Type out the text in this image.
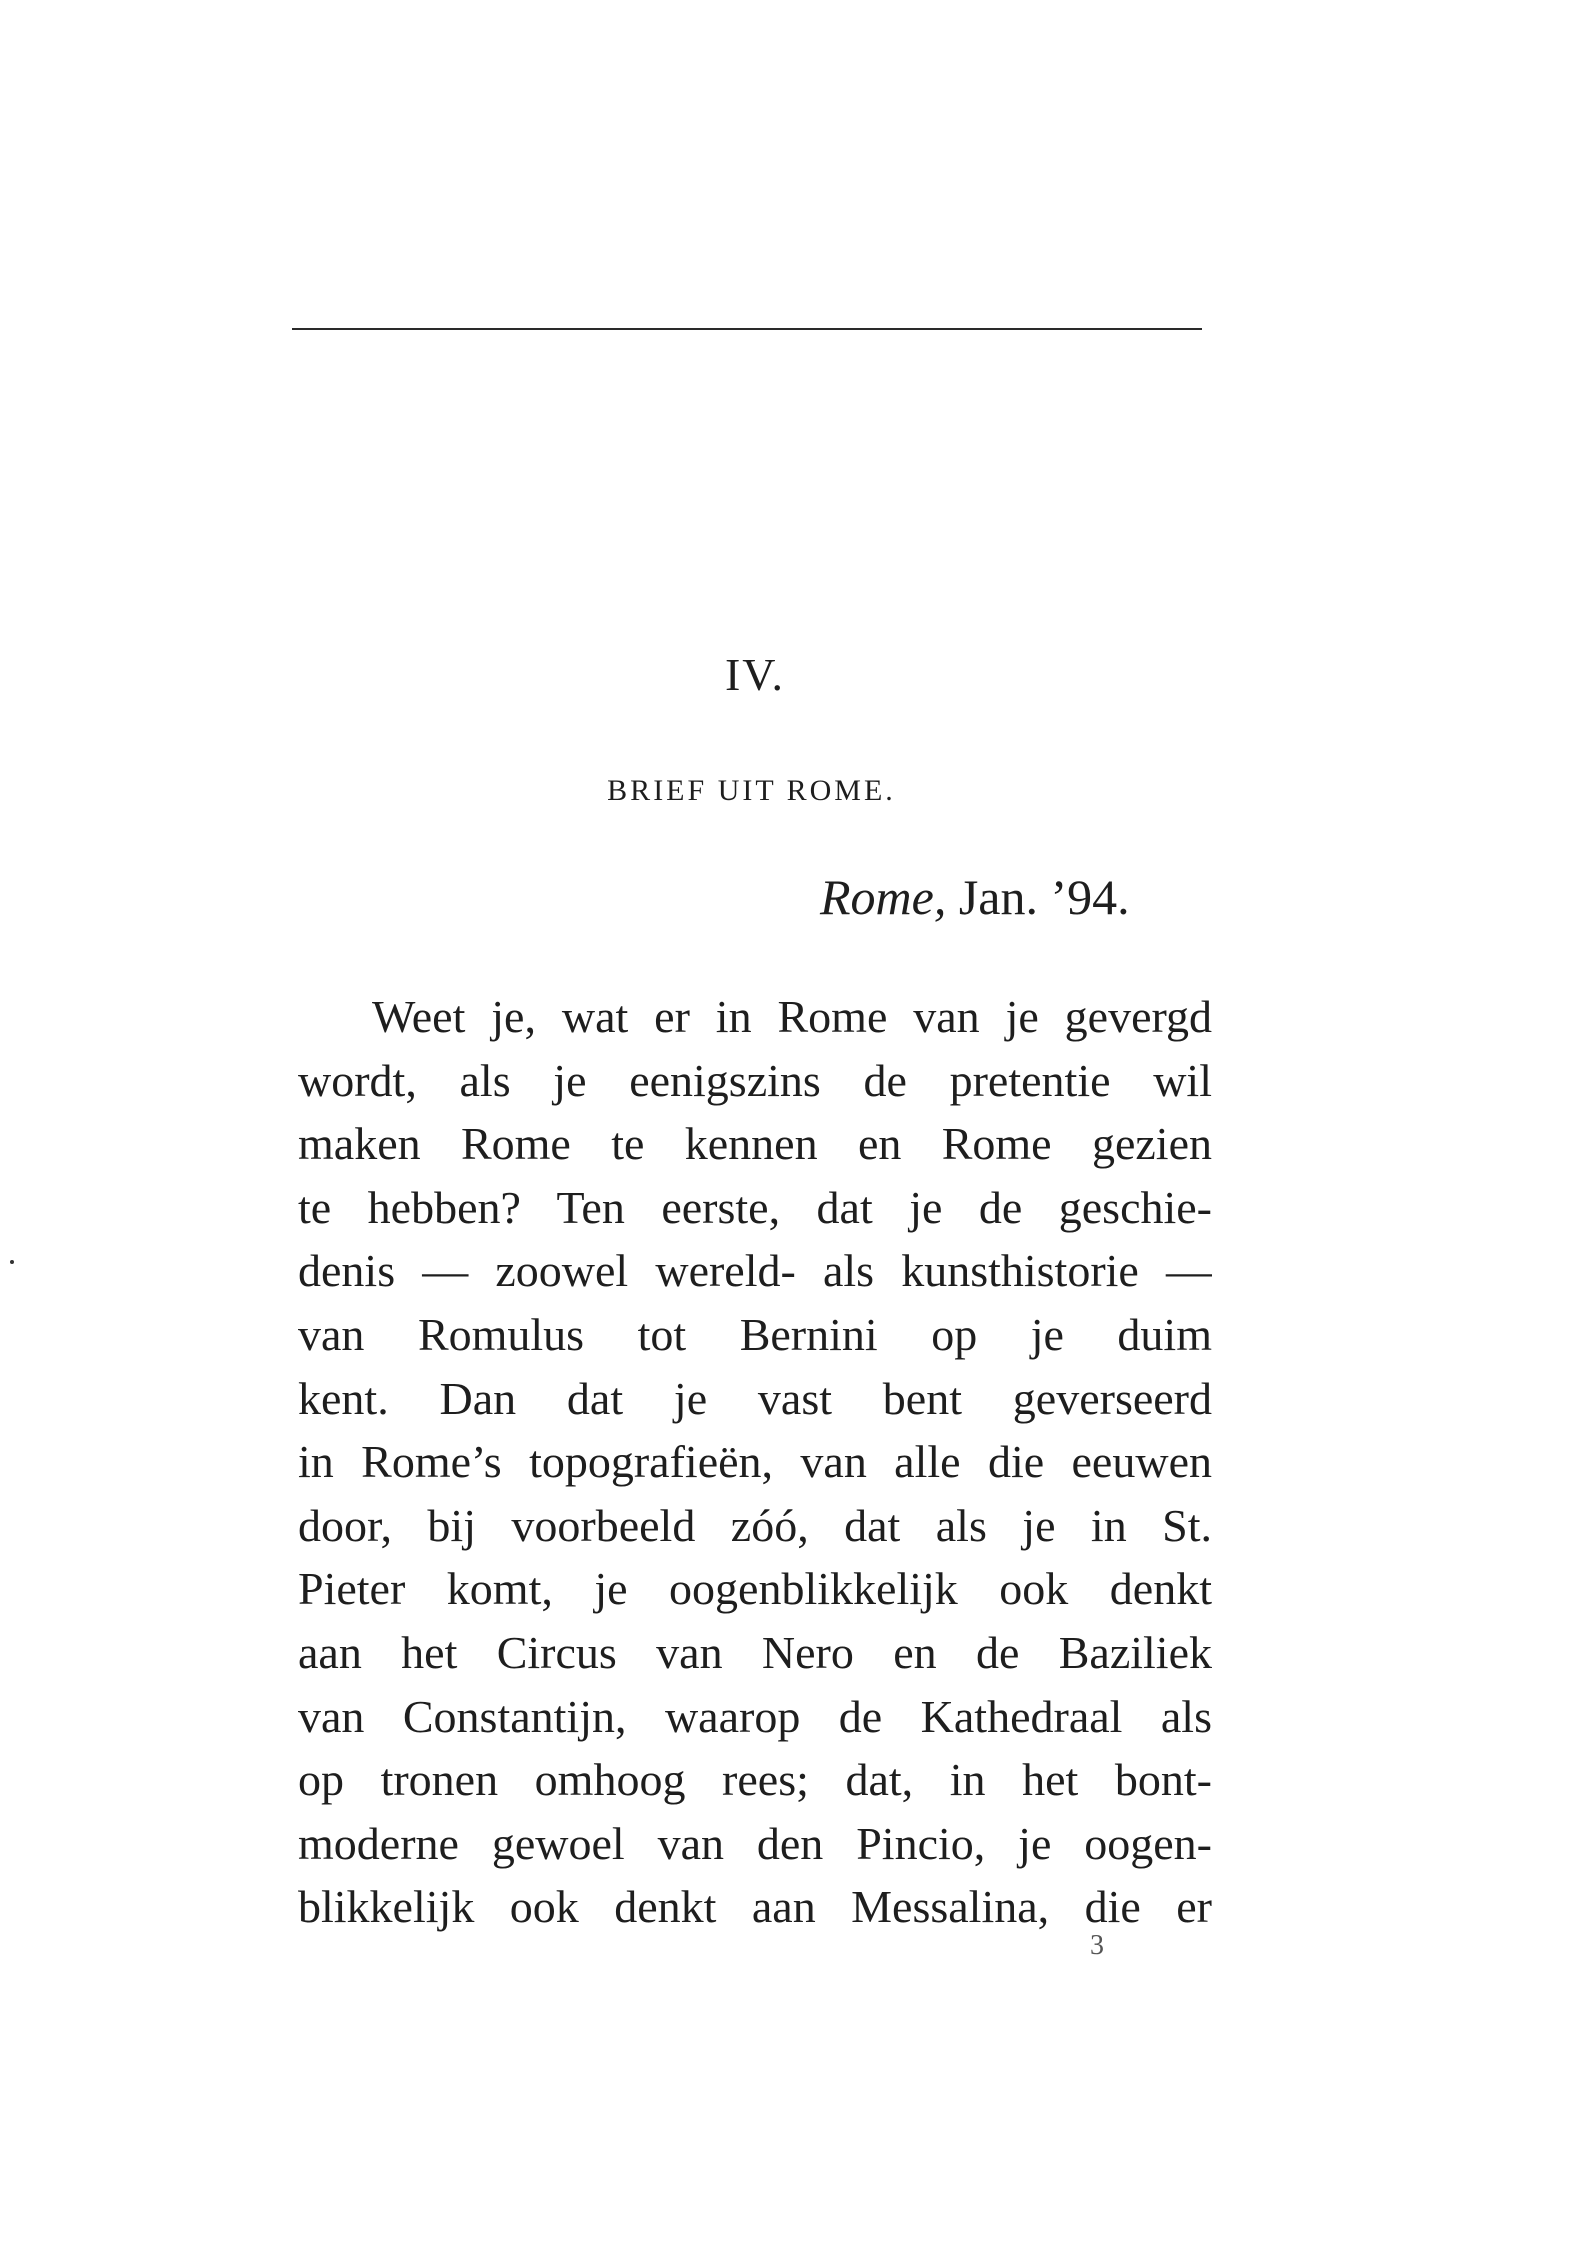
IV.
BRIEF UIT ROME.
Rome, Jan. ’94.
Weet je, wat er in Rome van je gevergd
wordt, als je eenigszins de pretentie wil
maken Rome te kennen en Rome gezien
te hebben? Ten eerste, dat je de geschie-
denis — zoowel wereld- als kunsthistorie —
van Romulus tot Bernini op je duim
kent. Dan dat je vast bent geverseerd
in Rome’s topografieën, van alle die eeuwen
door, bij voorbeeld zóó, dat als je in St.
Pieter komt, je oogenblikkelijk ook denkt
aan het Circus van Nero en de Baziliek
van Constantijn, waarop de Kathedraal als
op tronen omhoog rees; dat, in het bont-
moderne gewoel van den Pincio, je oogen-
blikkelijk ook denkt aan Messalina, die er
3
